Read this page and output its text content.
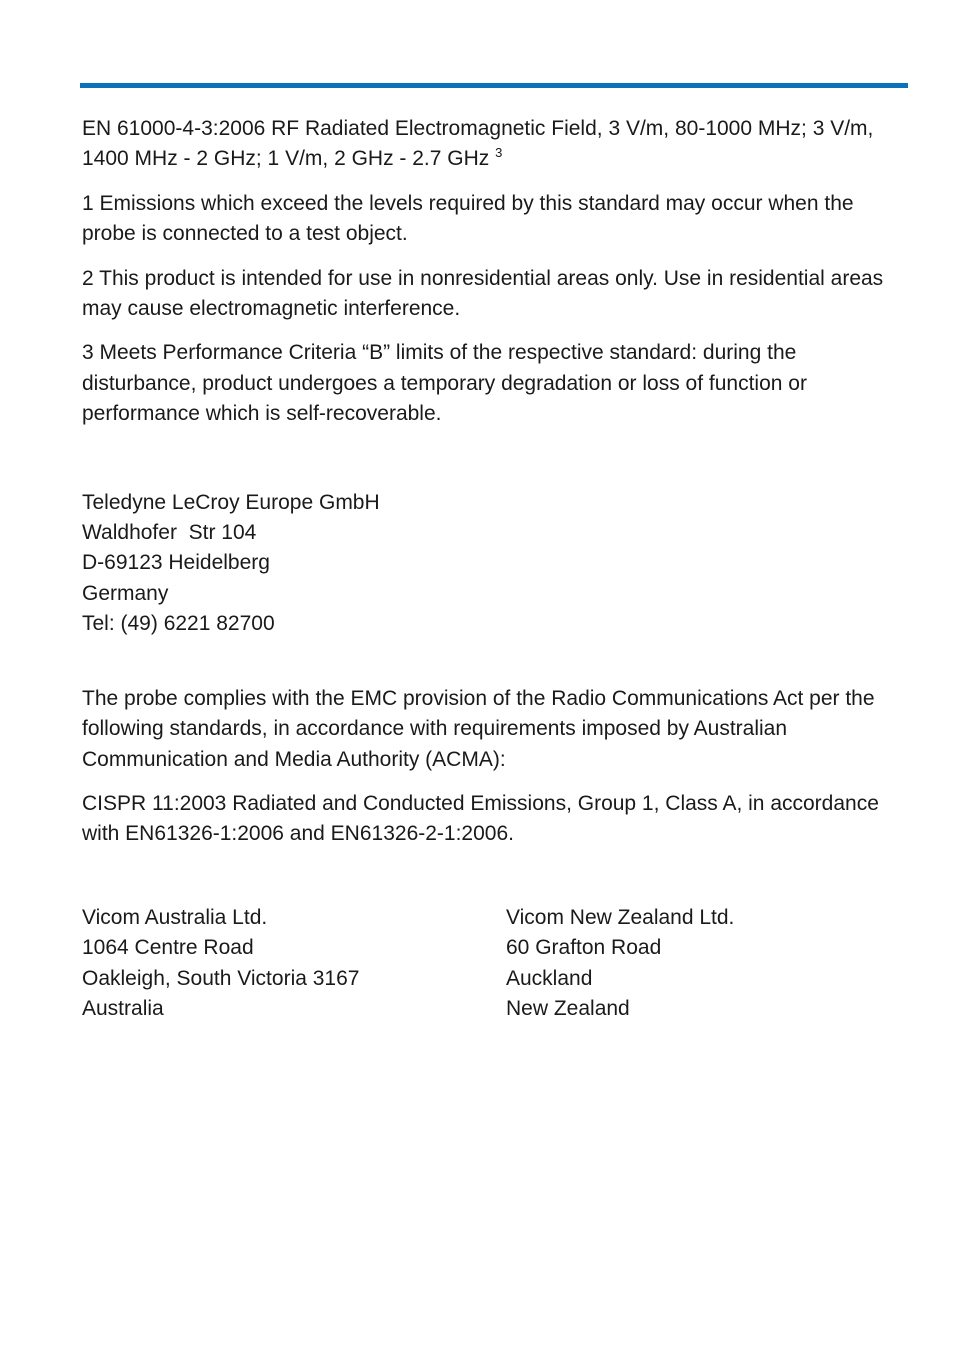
EN 61000-4-3:2006 RF Radiated Electromagnetic Field, 3 V/m, 80-1000 MHz; 3 V/m, 1400 MHz - 2 GHz; 1 V/m, 2 GHz - 2.7 GHz $^3$

1 Emissions which exceed the levels required by this standard may occur when the probe is connected to a test object.

2 This product is intended for use in nonresidential areas only. Use in residential areas may cause electromagnetic interference.

3 Meets Performance Criteria “B” limits of the respective standard: during the disturbance, product undergoes a temporary degradation or loss of function or performance which is self-recoverable.

Teledyne LeCroy Europe GmbH
Waldhofer  Str 104
D-69123 Heidelberg
Germany
Tel: (49) 6221 82700

The probe complies with the EMC provision of the Radio Communications Act per the following standards, in accordance with requirements imposed by Australian Communication and Media Authority (ACMA):

CISPR 11:2003 Radiated and Conducted Emissions, Group 1, Class A, in accordance with EN61326-1:2006 and EN61326-2-1:2006.

Vicom Australia Ltd.
1064 Centre Road
Oakleigh, South Victoria 3167
Australia
Vicom New Zealand Ltd.
60 Grafton Road
Auckland
New Zealand
